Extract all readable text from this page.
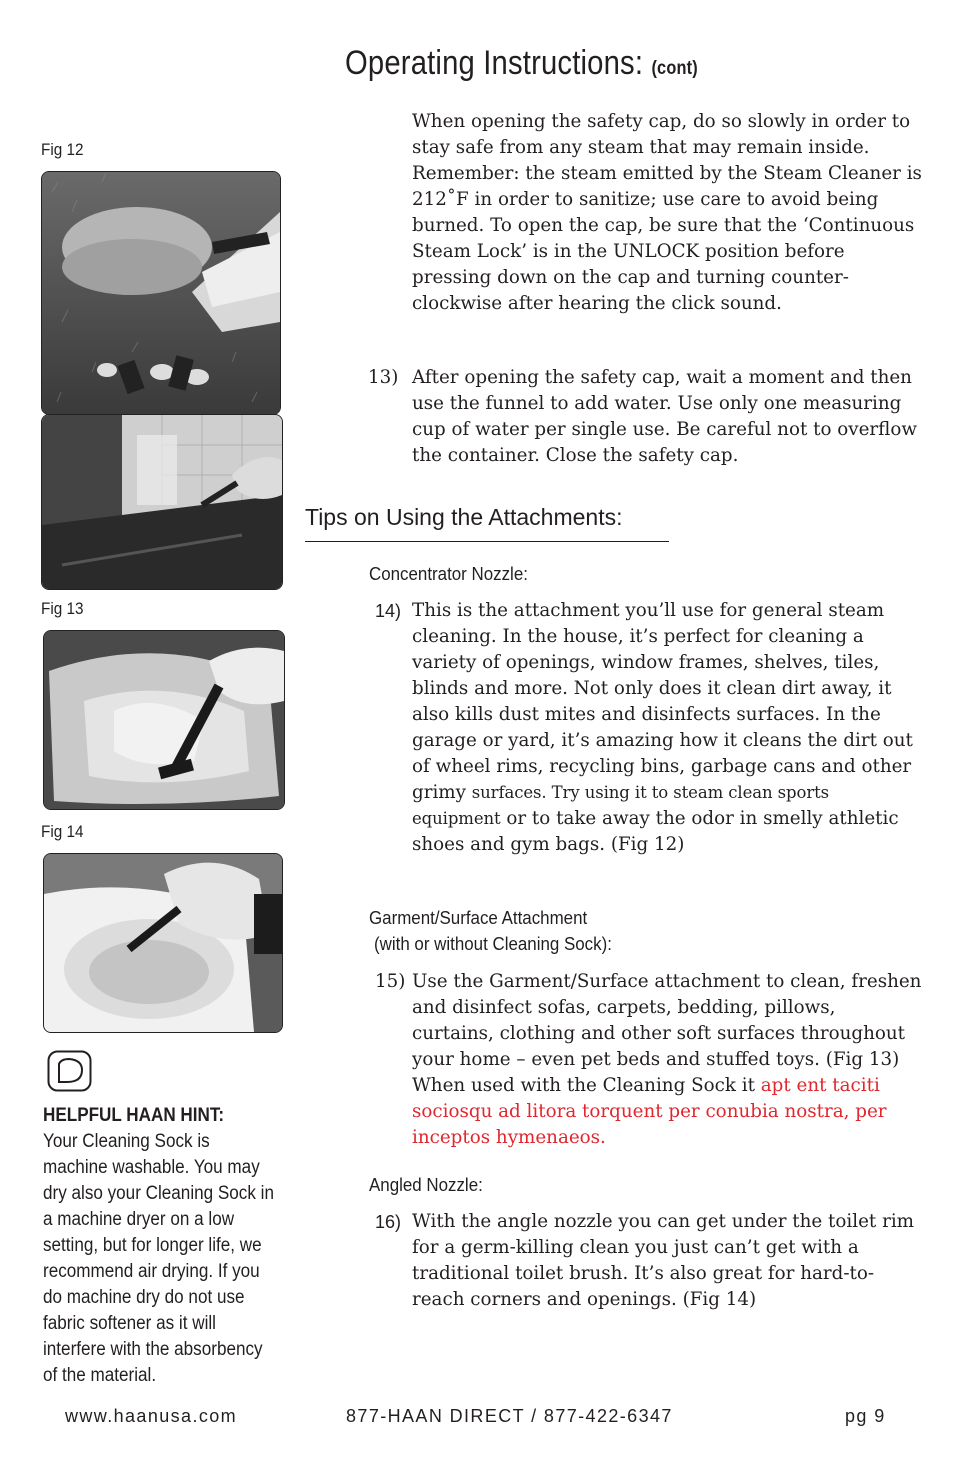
Operating Instructions: (cont)
Fig 12
Fig 13
Fig 14
When opening the safety cap, do so slowly in order to stay safe from any steam that may remain inside. Remember: the steam emitted by the Steam Cleaner is 212˚F in order to sanitize; use care to avoid being burned. To open the cap, be sure that the ‘Continuous Steam Lock’ is in the UNLOCK position before pressing down on the cap and turning counter-clockwise after hearing the click sound.
13) After opening the safety cap, wait a moment and then use the funnel to add water. Use only one measuring cup of water per single use. Be careful not to overflow the container. Close the safety cap.
Tips on Using the Attachments:
Concentrator Nozzle:
14) This is the attachment you’ll use for general steam cleaning. In the house, it’s perfect for cleaning a variety of openings, window frames, shelves, tiles, blinds and more. Not only does it clean dirt away, it also kills dust mites and disinfects surfaces. In the garage or yard, it’s amazing how it cleans the dirt out of wheel rims, recycling bins, garbage cans and other grimy surfaces. Try using it to steam clean sports equipment or to take away the odor in smelly athletic shoes and gym bags. (Fig 12)
Garment/Surface Attachment
(with or without Cleaning Sock):
15) Use the Garment/Surface attachment to clean, freshen and disinfect sofas, carpets, bedding, pillows, curtains, clothing and other soft surfaces throughout your home – even pet beds and stuffed toys. (Fig 13) When used with the Cleaning Sock it apt ent taciti sociosqu ad litora torquent per conubia nostra, per inceptos hymenaeos.
Angled Nozzle:
16) With the angle nozzle you can get under the toilet rim for a germ-killing clean you just can’t get with a traditional toilet brush. It’s also great for hard-to-reach corners and openings. (Fig 14)
HELPFUL HAAN HINT:
Your Cleaning Sock is machine washable. You may dry also your Cleaning Sock in a machine dryer on a low setting, but for longer life, we recommend air drying. If you do machine dry do not use fabric softener as it will interfere with the absorbency of the material.
www.haanusa.com	877-HAAN DIRECT / 877-422-6347	pg 9
